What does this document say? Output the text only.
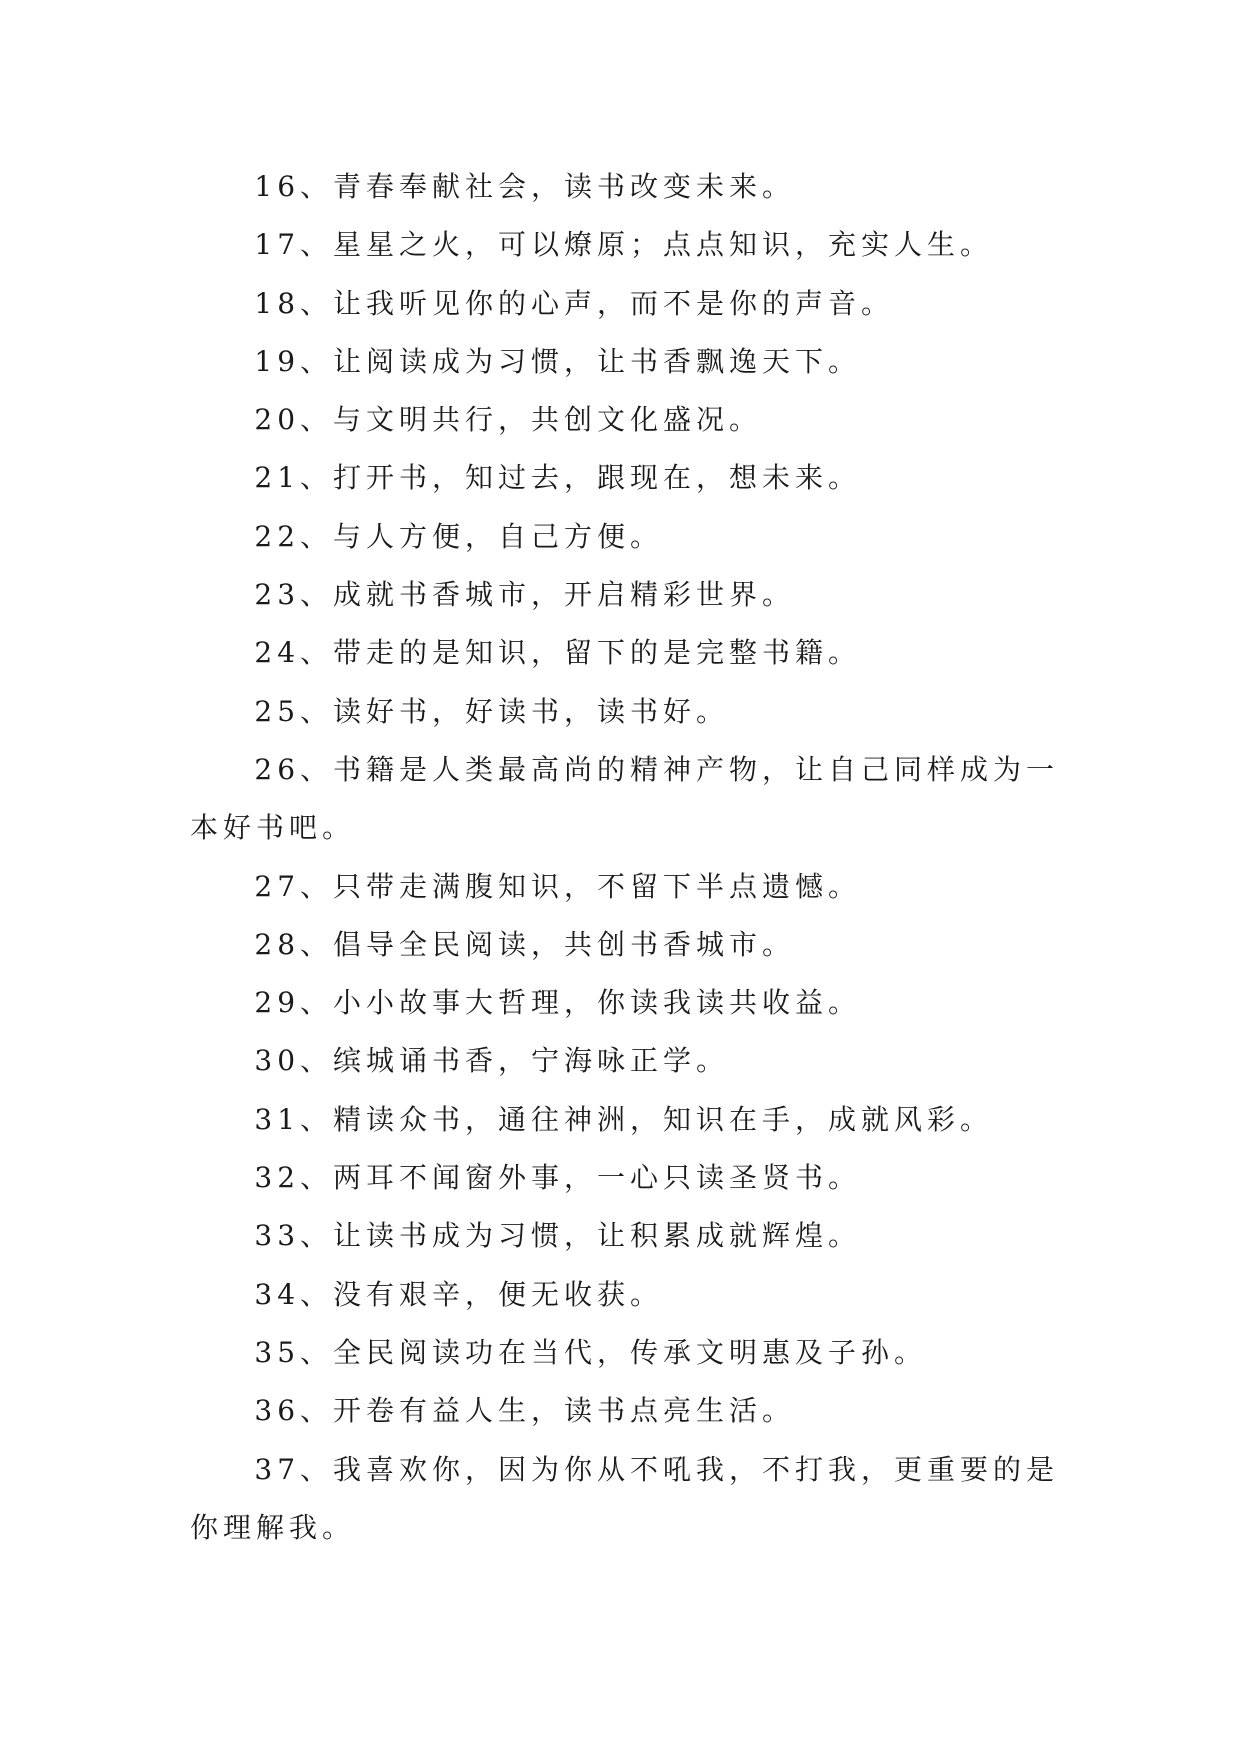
16、青春奉献社会，读书改变未来。

17、星星之火，可以燎原；点点知识，充实人生。

18、让我听见你的心声，而不是你的声音。

19、让阅读成为习惯，让书香飘逸天下。

20、与文明共行，共创文化盛况。

21、打开书，知过去，跟现在，想未来。

22、与人方便，自己方便。

23、成就书香城市，开启精彩世界。

24、带走的是知识，留下的是完整书籍。

25、读好书，好读书，读书好。

26、书籍是人类最高尚的精神产物，让自己同样成为一本好书吧。

27、只带走满腹知识，不留下半点遗憾。

28、倡导全民阅读，共创书香城市。

29、小小故事大哲理，你读我读共收益。

30、缤城诵书香，宁海咏正学。

31、精读众书，通往神洲，知识在手，成就风彩。

32、两耳不闻窗外事，一心只读圣贤书。

33、让读书成为习惯，让积累成就辉煌。

34、没有艰辛，便无收获。

35、全民阅读功在当代，传承文明惠及子孙。

36、开卷有益人生，读书点亮生活。

37、我喜欢你，因为你从不吼我，不打我，更重要的是你理解我。
